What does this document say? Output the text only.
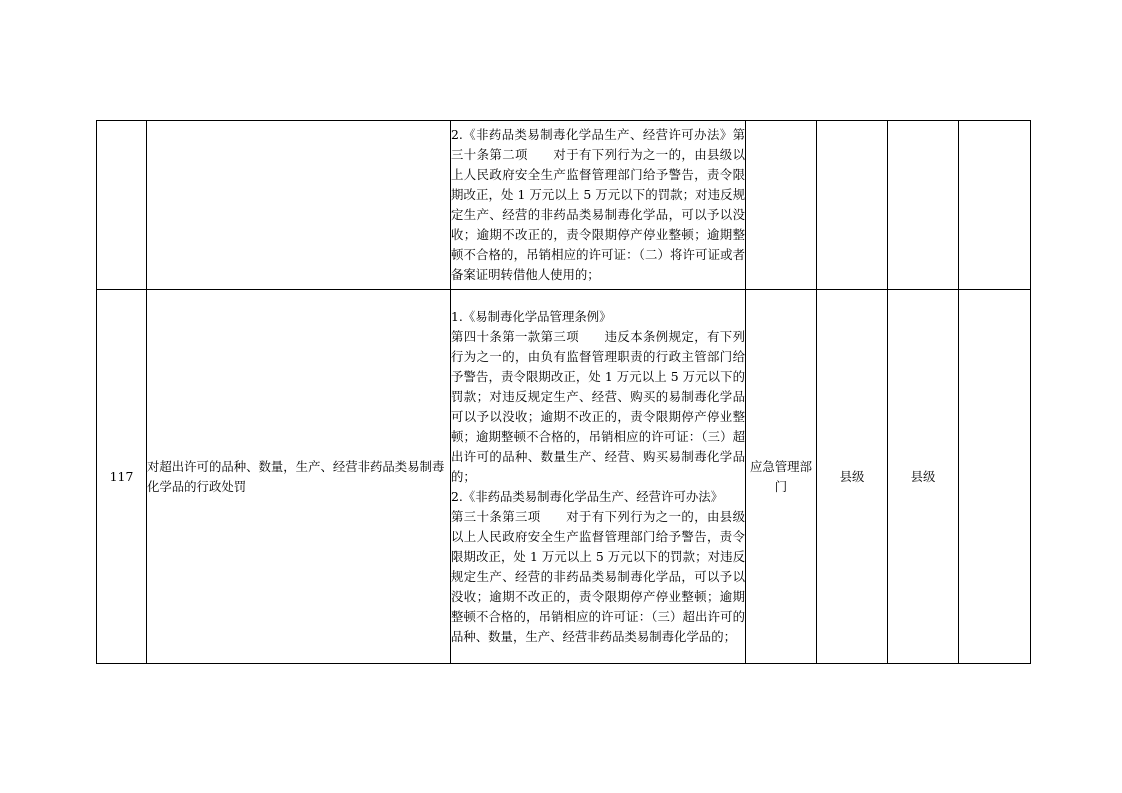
		2.《非药品类易制毒化学品生产、经营许可办法》第三十条第二项　　对于有下列行为之一的，由县级以上人民政府安全生产监督管理部门给予警告，责令限期改正，处 1 万元以上 5 万元以下的罚款；对违反规定生产、经营的非药品类易制毒化学品，可以予以没收；逾期不改正的，责令限期停产停业整顿；逾期整顿不合格的，吊销相应的许可证：（二）将许可证或者备案证明转借他人使用的；				

117	对超出许可的品种、数量，生产、经营非药品类易制毒化学品的行政处罚	1.《易制毒化学品管理条例》
第四十条第一款第三项　　违反本条例规定，有下列行为之一的，由负有监督管理职责的行政主管部门给予警告，责令限期改正，处 1 万元以上 5 万元以下的罚款；对违反规定生产、经营、购买的易制毒化学品可以予以没收；逾期不改正的，责令限期停产停业整顿；逾期整顿不合格的，吊销相应的许可证：（三）超出许可的品种、数量生产、经营、购买易制毒化学品的；
2.《非药品类易制毒化学品生产、经营许可办法》
第三十条第三项　　对于有下列行为之一的，由县级以上人民政府安全生产监督管理部门给予警告，责令限期改正，处 1 万元以上 5 万元以下的罚款；对违反规定生产、经营的非药品类易制毒化学品，可以予以没收；逾期不改正的，责令限期停产停业整顿；逾期整顿不合格的，吊销相应的许可证：（三）超出许可的品种、数量，生产、经营非药品类易制毒化学品的；	应急管理部门	县级	县级	
